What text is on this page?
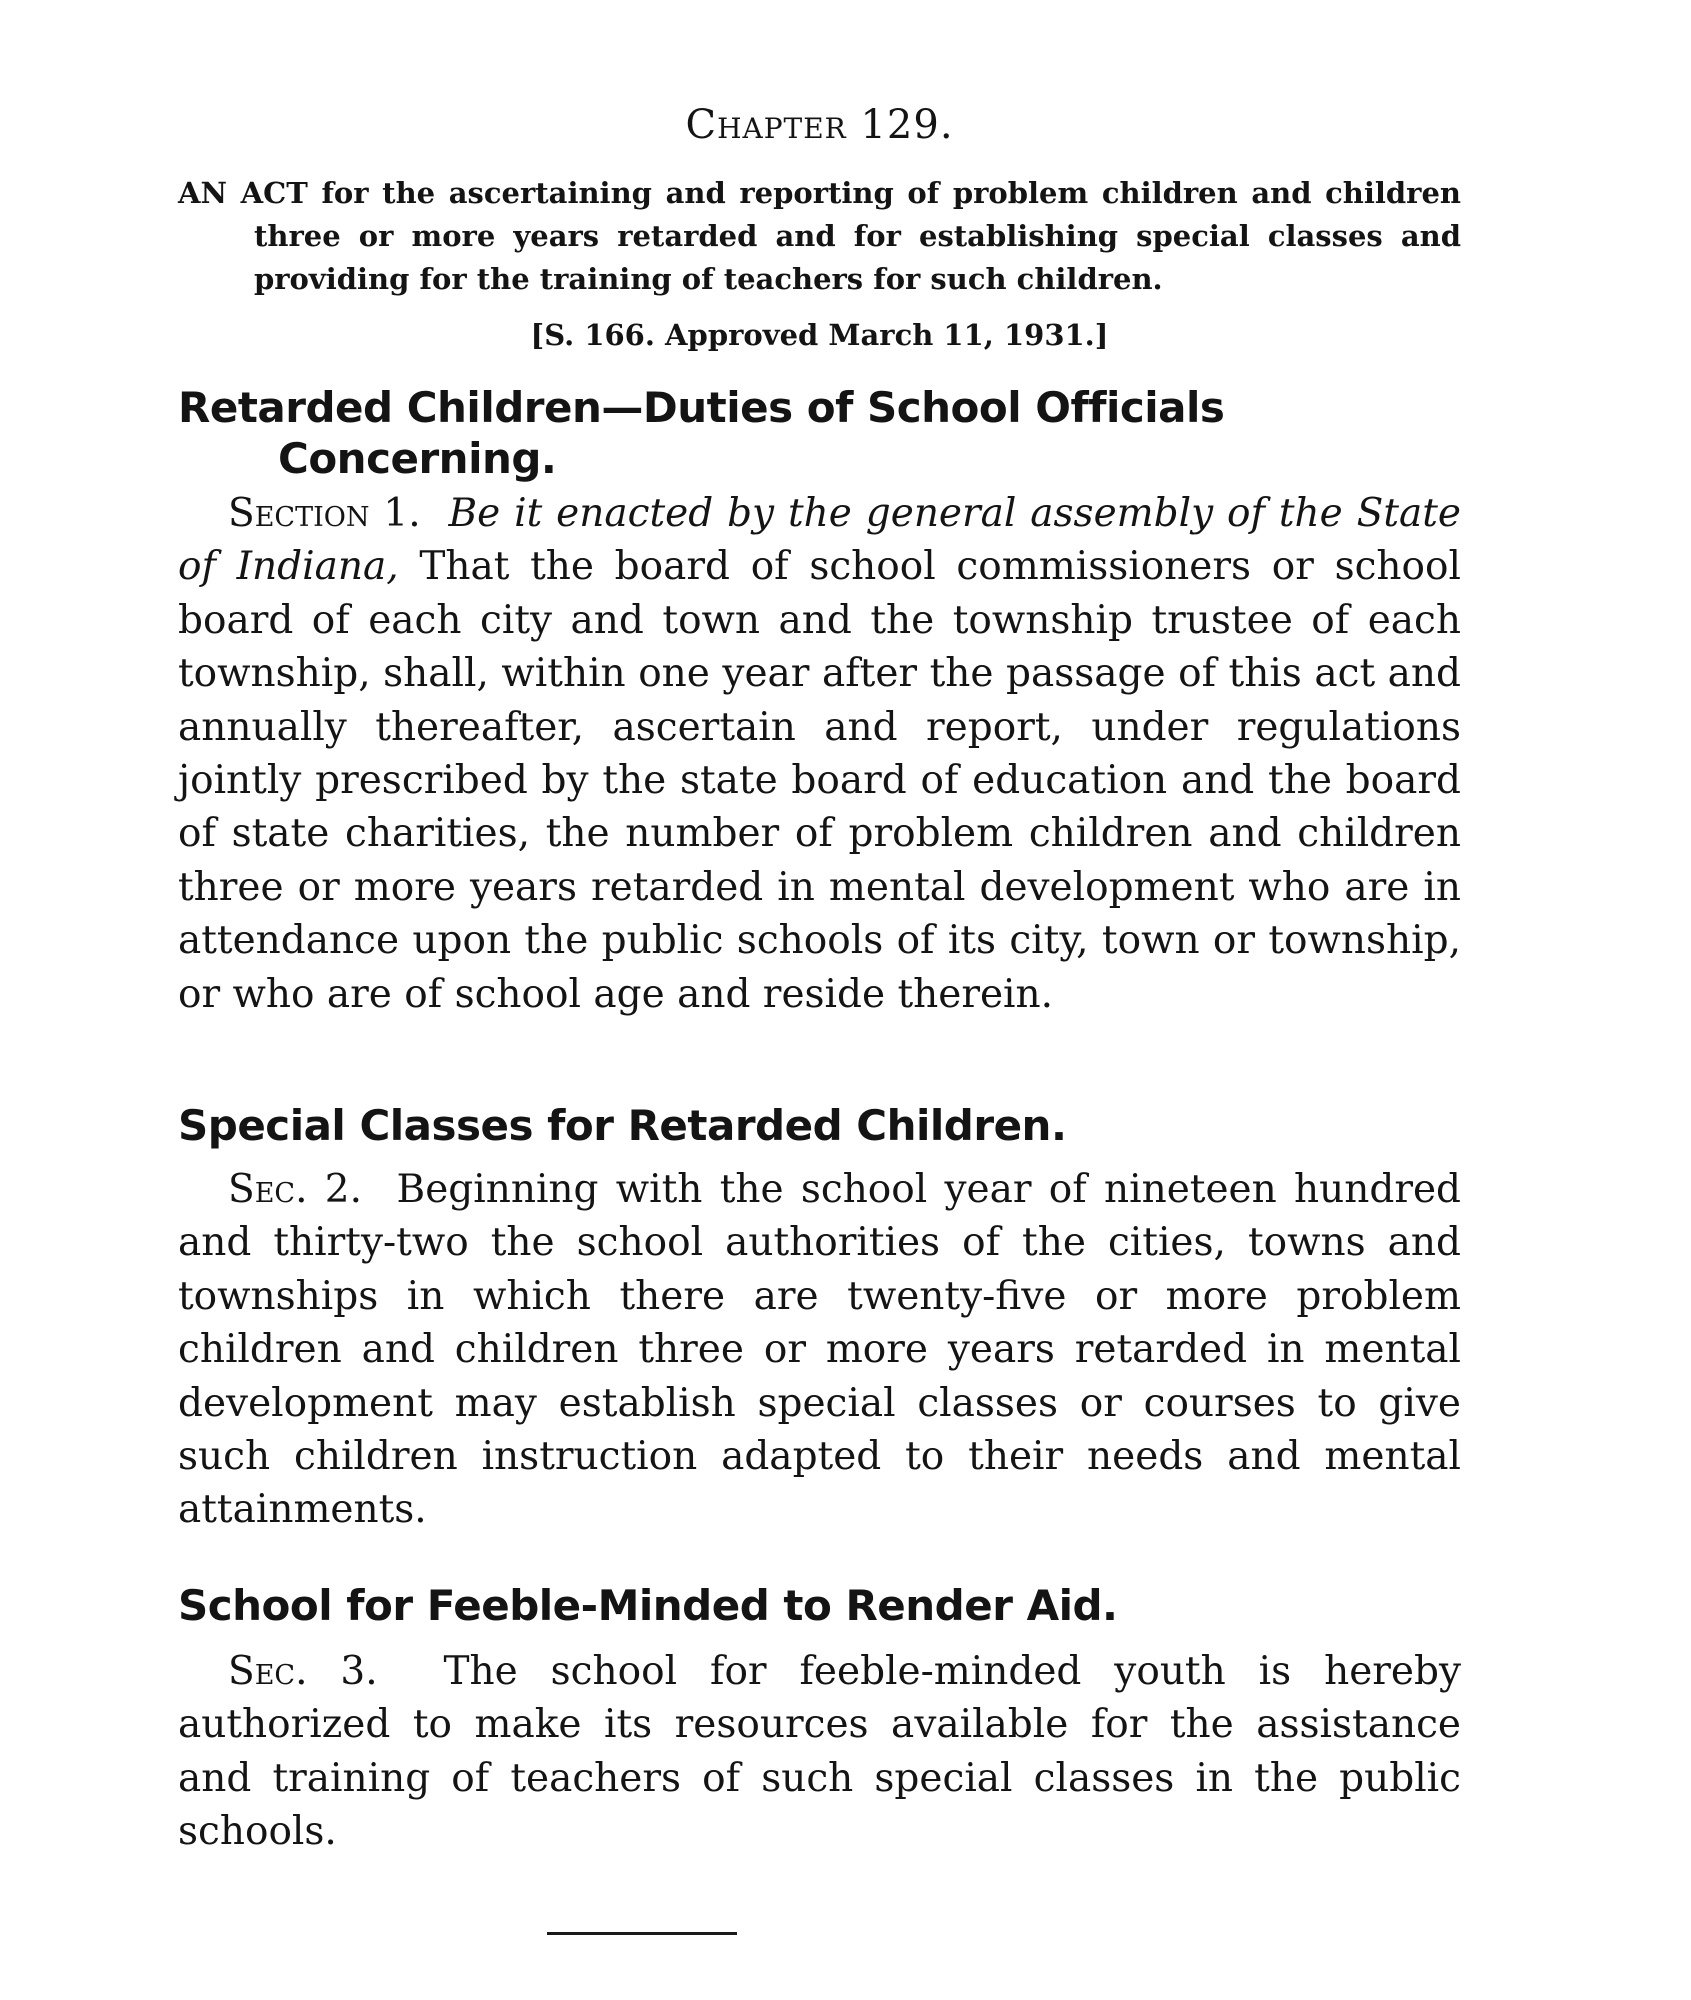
Chapter 129.
AN ACT for the ascertaining and reporting of problem children and children three or more years retarded and for establishing special classes and providing for the training of teachers for such children.
[S. 166. Approved March 11, 1931.]
Retarded Children—Duties of School Officials Concerning.
Section 1. Be it enacted by the general assembly of the State of Indiana, That the board of school commissioners or school board of each city and town and the township trustee of each township, shall, within one year after the passage of this act and annually thereafter, ascertain and report, under regulations jointly prescribed by the state board of education and the board of state charities, the number of problem children and children three or more years retarded in mental development who are in attendance upon the public schools of its city, town or township, or who are of school age and reside therein.
Special Classes for Retarded Children.
Sec. 2. Beginning with the school year of nineteen hundred and thirty-two the school authorities of the cities, towns and townships in which there are twenty-five or more problem children and children three or more years retarded in mental development may establish special classes or courses to give such children instruction adapted to their needs and mental attainments.
School for Feeble-Minded to Render Aid.
Sec. 3. The school for feeble-minded youth is hereby authorized to make its resources available for the assistance and training of teachers of such special classes in the public schools.
